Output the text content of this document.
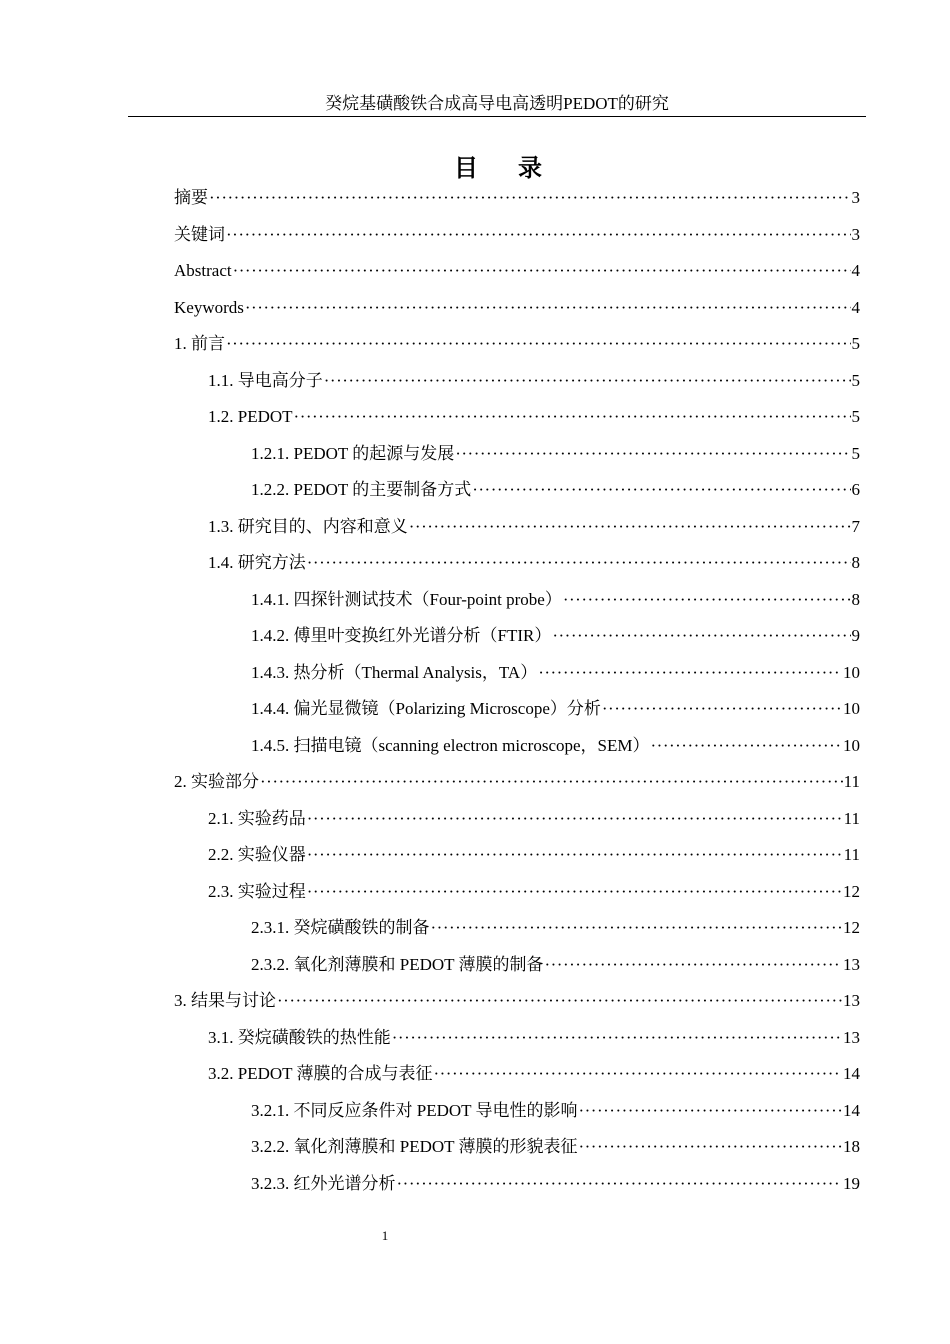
癸烷基磺酸铁合成高导电高透明PEDOT的研究
目 录
摘要 ·····	3
关键词 ·····	3
Abstract ·····	4
Keywords ·····	4
1. 前言 ·····	5
1.1. 导电高分子 ·····	5
1.2. PEDOT ·····	5
1.2.1. PEDOT 的起源与发展 ·····	5
1.2.2. PEDOT 的主要制备方式 ·····	6
1.3. 研究目的、内容和意义 ·····	7
1.4. 研究方法 ·····	8
1.4.1. 四探针测试技术（Four-point probe） ·····	8
1.4.2. 傅里叶变换红外光谱分析（FTIR） ·····	9
1.4.3. 热分析（Thermal Analysis，TA） ·····	10
1.4.4. 偏光显微镜（Polarizing Microscope）分析 ·····	10
1.4.5. 扫描电镜（scanning electron microscope，SEM） ·····	10
2. 实验部分 ·····	11
2.1. 实验药品 ·····	11
2.2. 实验仪器 ·····	11
2.3. 实验过程 ·····	12
2.3.1. 癸烷磺酸铁的制备 ·····	12
2.3.2. 氧化剂薄膜和 PEDOT 薄膜的制备 ·····	13
3. 结果与讨论 ·····	13
3.1. 癸烷磺酸铁的热性能 ·····	13
3.2. PEDOT 薄膜的合成与表征 ·····	14
3.2.1. 不同反应条件对 PEDOT 导电性的影响 ·····	14
3.2.2. 氧化剂薄膜和 PEDOT 薄膜的形貌表征 ·····	18
3.2.3. 红外光谱分析 ·····	19
1
